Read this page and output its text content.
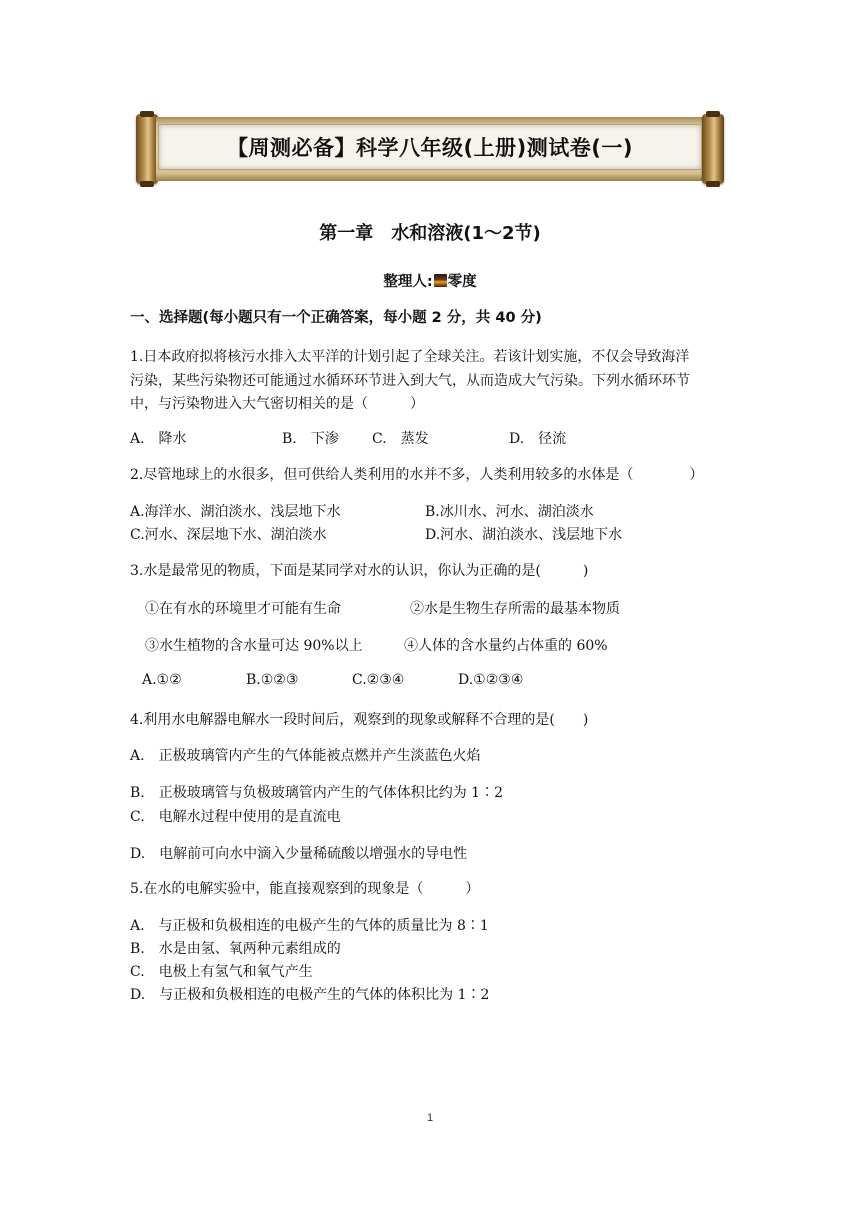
【周测必备】科学八年级(上册)测试卷(一)
第一章　水和溶液(1～2节)
整理人: 零度
一、选择题(每小题只有一个正确答案，每小题 2 分，共 40 分)
1.日本政府拟将核污水排入太平洋的计划引起了全球关注。若该计划实施，不仅会导致海洋
污染，某些污染物还可能通过水循环环节进入到大气，从而造成大气污染。下列水循环环节
中，与污染物进入大气密切相关的是（　　　）
A.　降水	B.　下渗 C.　蒸发	D.　径流
2.尽管地球上的水很多，但可供给人类利用的水并不多，人类利用较多的水体是（　　　　）
A.海洋水、湖泊淡水、浅层地下水	B.冰川水、河水、湖泊淡水
C.河水、深层地下水、湖泊淡水	D.河水、湖泊淡水、浅层地下水
3.水是最常见的物质，下面是某同学对水的认识，你认为正确的是(　　　)
①在有水的环境里才可能有生命	②水是生物生存所需的最基本物质
③水生植物的含水量可达 90%以上	④人体的含水量约占体重的 60%
A.①②	B.①②③	C.②③④	D.①②③④
4.利用水电解器电解水一段时间后，观察到的现象或解释不合理的是(　　)
A.　正极玻璃管内产生的气体能被点燃并产生淡蓝色火焰
B.　正极玻璃管与负极玻璃管内产生的气体体积比约为 1∶2
C.　电解水过程中使用的是直流电
D.　电解前可向水中滴入少量稀硫酸以增强水的导电性
5.在水的电解实验中，能直接观察到的现象是（　　　）
A.　与正极和负极相连的电极产生的气体的质量比为 8∶1
B.　水是由氢、氧两种元素组成的
C.　电极上有氢气和氧气产生
D.　与正极和负极相连的电极产生的气体的体积比为 1∶2
1
